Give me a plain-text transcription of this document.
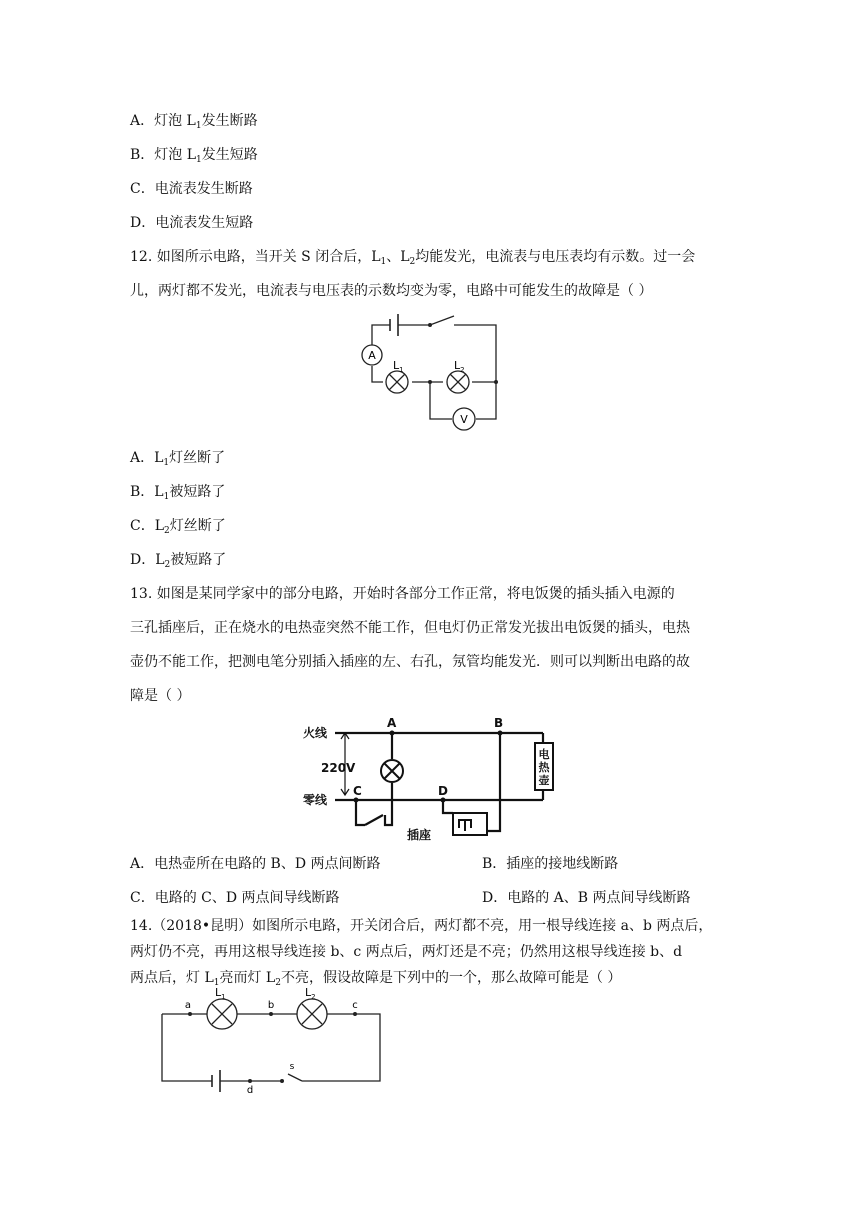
A．灯泡 $L_1$发生断路
B．灯泡 $L_1$发生短路
C．电流表发生断路
D．电流表发生短路
12. 如图所示电路，当开关 S 闭合后，$L_1$、$L_2$均能发光，电流表与电压表均有示数。过一会
儿，两灯都不发光，电流表与电压表的示数均变为零，电路中可能发生的故障是（ ）
A
V
$L_1$	$L_2$
A．$L_1$灯丝断了
B．$L_1$被短路了
C．$L_2$灯丝断了
D．$L_2$被短路了
13. 如图是某同学家中的部分电路，开始时各部分工作正常，将电饭煲的插头插入电源的
三孔插座后，正在烧水的电热壶突然不能工作，但电灯仍正常发光拔出电饭煲的插头，电热
壶仍不能工作，把测电笔分别插入插座的左、右孔，氖管均能发光．则可以判断出电路的故
障是（ ）
火线
零线
220V
A	B
C	D
电
热
壶
插座
A．电热壶所在电路的 B、D 两点间断路	B．插座的接地线断路
C．电路的 C、D 两点间导线断路	D．电路的 A、B 两点间导线断路
14.（2018•昆明）如图所示电路，开关闭合后，两灯都不亮，用一根导线连接 a、b 两点后，
两灯仍不亮，再用这根导线连接 b、c 两点后，两灯还是不亮；仍然用这根导线连接 b、d
两点后，灯 $L_1$亮而灯 $L_2$不亮，假设故障是下列中的一个，那么故障可能是（ ）
$L_1$	$L_2$
a	b	c
d
s
